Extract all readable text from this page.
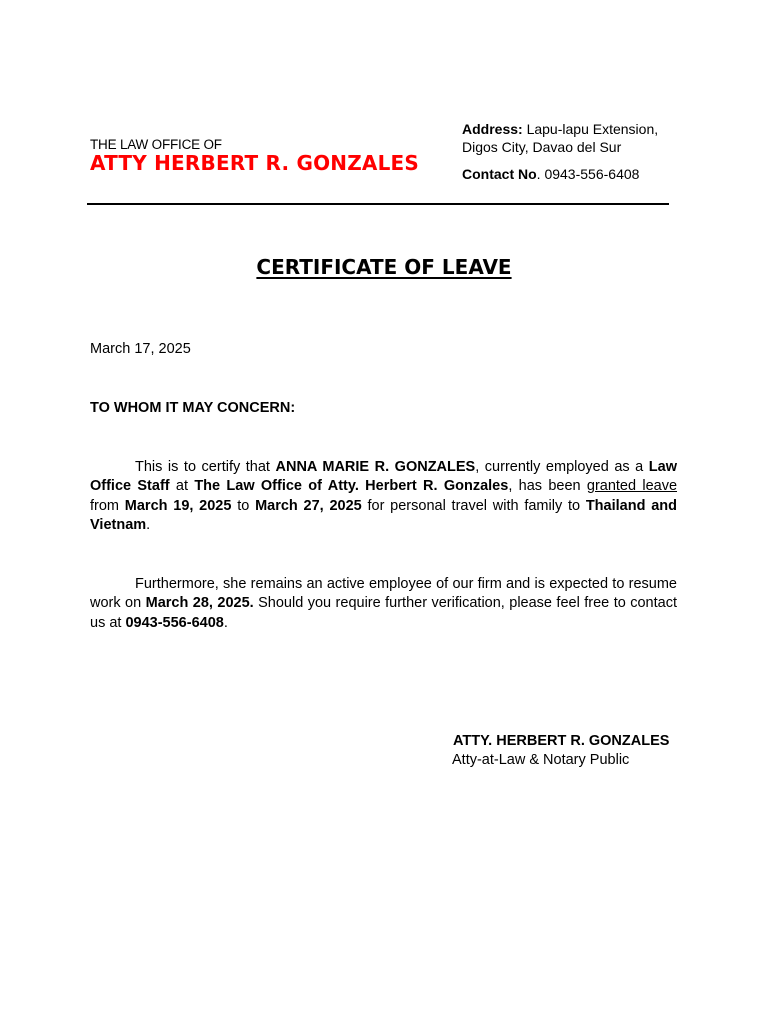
THE LAW OFFICE OF
ATTY HERBERT R. GONZALES
Address: Lapu-lapu Extension,
Digos City, Davao del Sur
Contact No. 0943-556-6408
CERTIFICATE OF LEAVE
March 17, 2025
TO WHOM IT MAY CONCERN:
This is to certify that ANNA MARIE R. GONZALES, currently employed as a Law Office Staff at The Law Office of Atty. Herbert R. Gonzales, has been granted leave from March 19, 2025 to March 27, 2025 for personal travel with family to Thailand and Vietnam.
Furthermore, she remains an active employee of our firm and is expected to resume work on March 28, 2025. Should you require further verification, please feel free to contact us at 0943-556-6408.
ATTY. HERBERT R. GONZALES
Atty-at-Law & Notary Public
